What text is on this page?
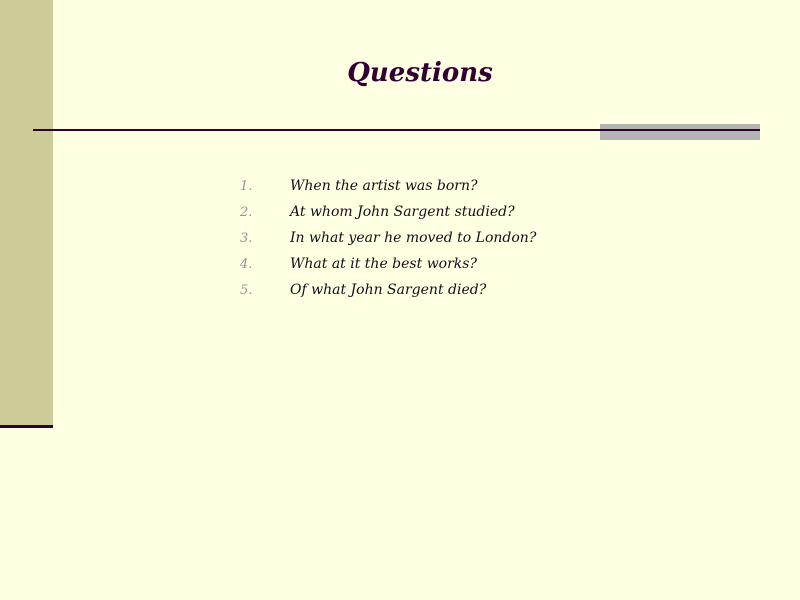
Questions
1.	When the artist was born?
2.	At whom John Sargent studied?
3.	In what year he moved to London?
4.	What at it the best works?
5.	Of what John Sargent died?
